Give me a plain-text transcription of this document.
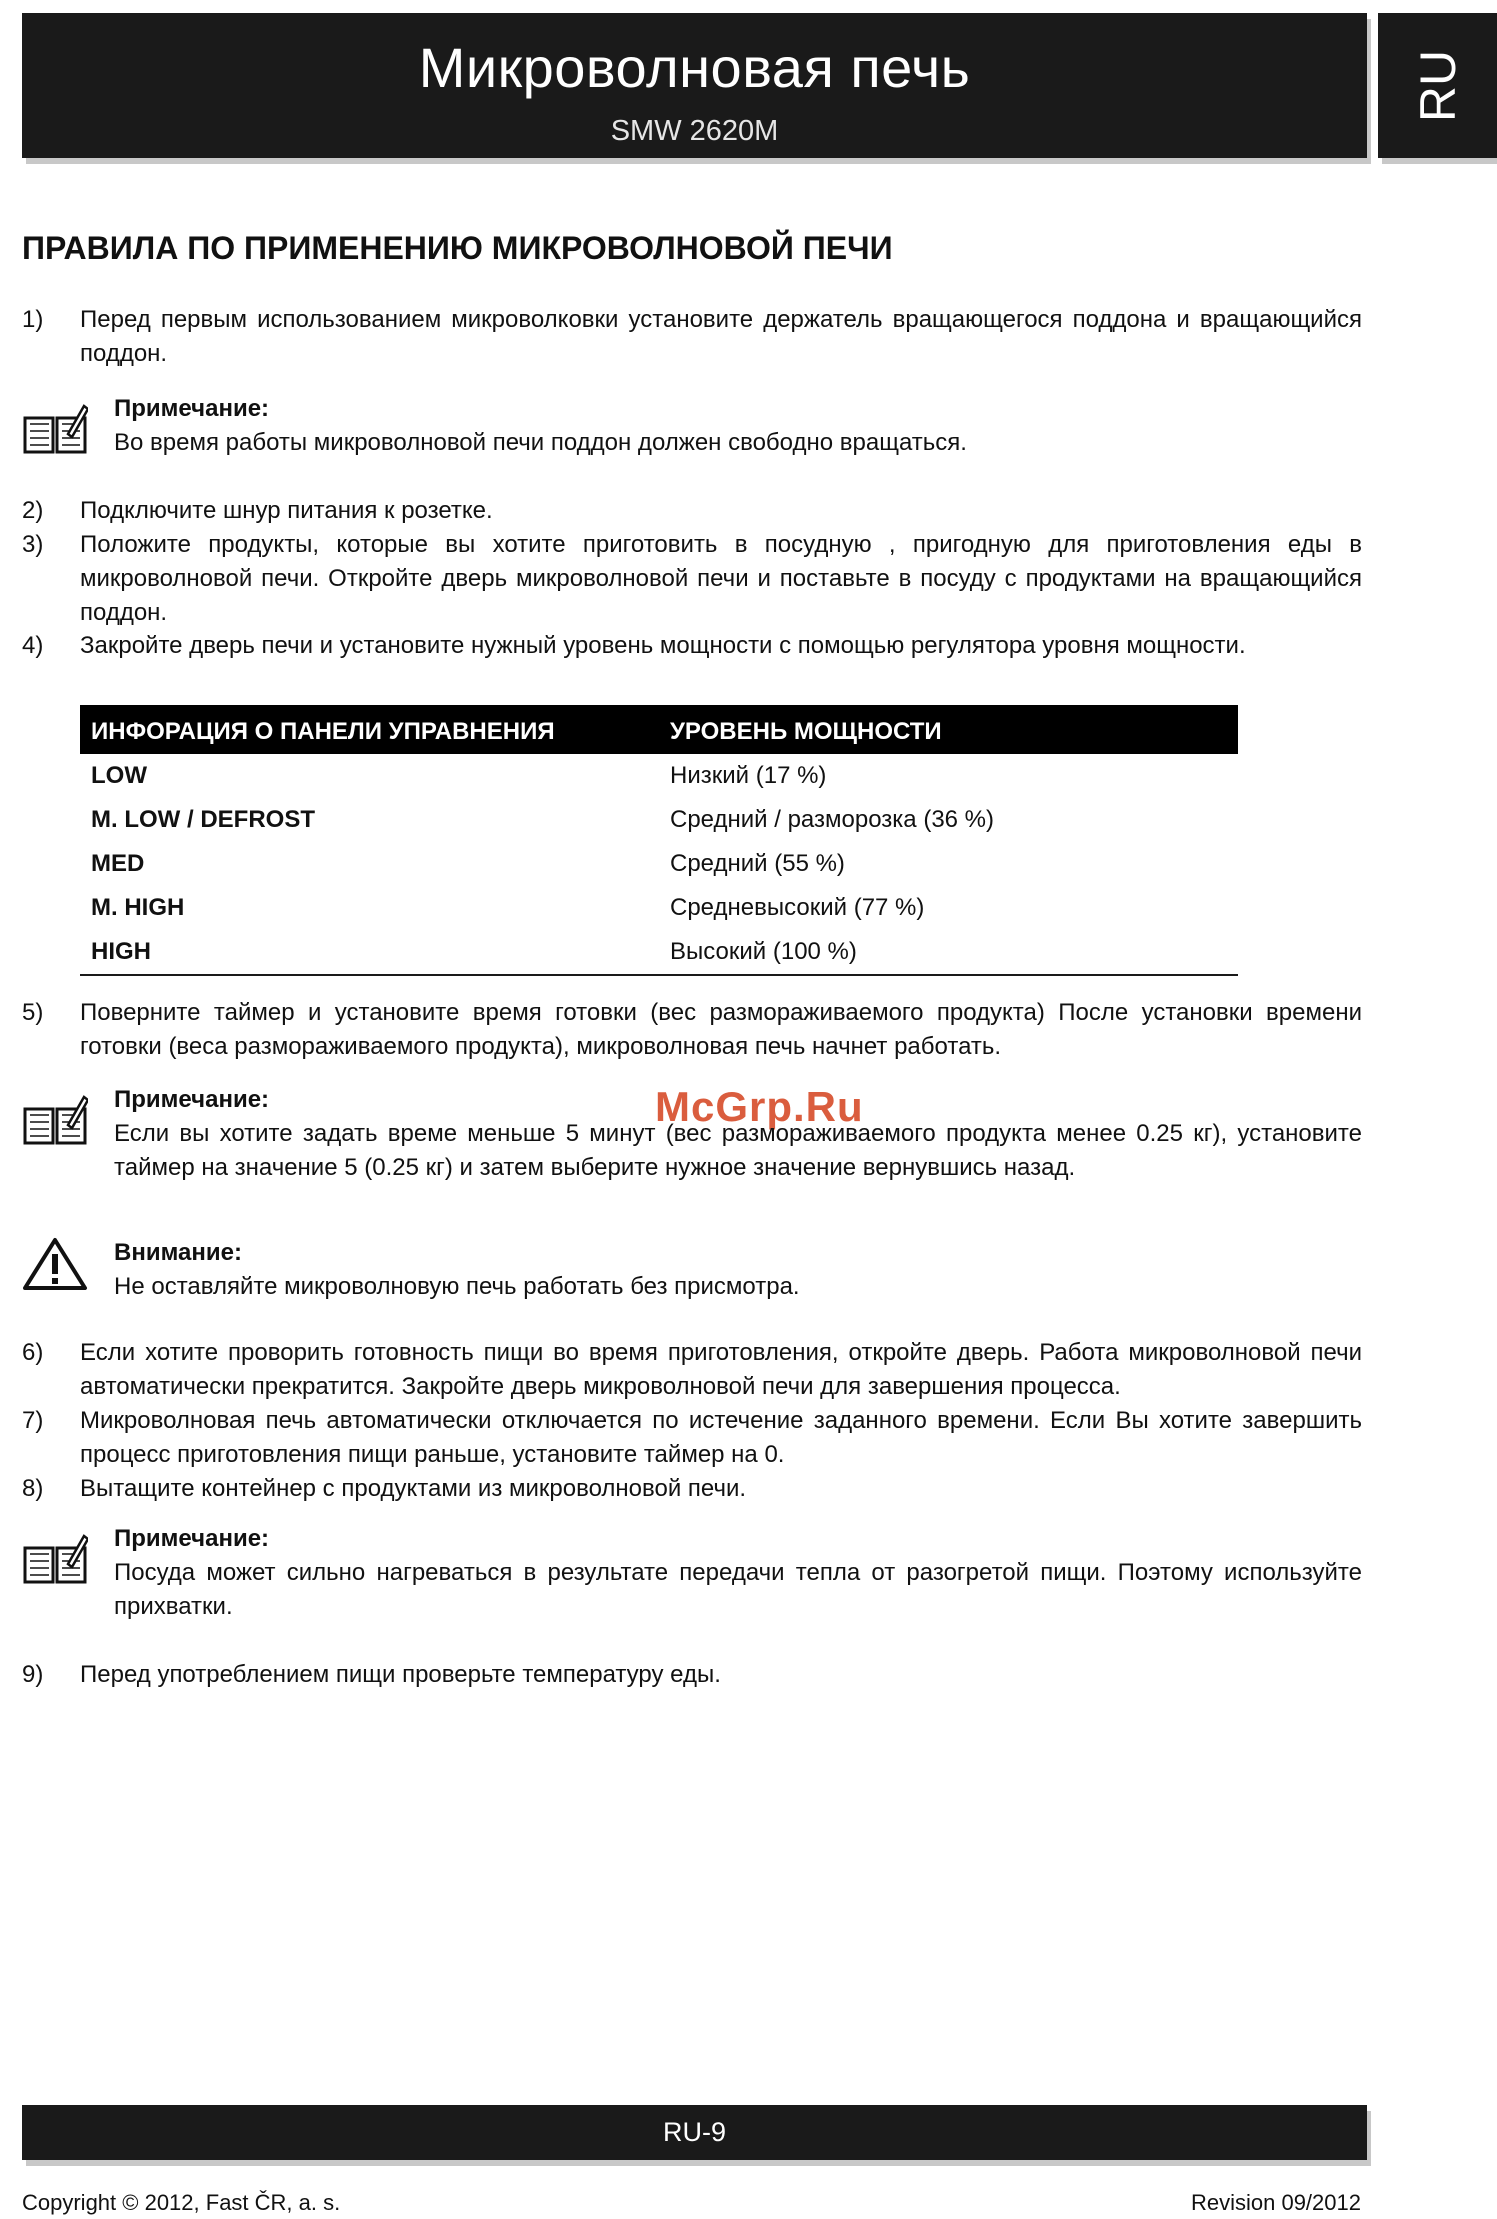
Микроволновая печь
SMW 2620M
RU
ПРАВИЛА ПО ПРИМЕНЕНИЮ МИКРОВОЛНОВОЙ ПЕЧИ
1) Перед первым использованием микроволковки установите держатель вращающегося поддона и вращающийся поддон.
Примечание:
Во время работы микроволновой печи поддон должен свободно вращаться.
2) Подключите шнур питания к розетке.
3) Положите продукты, которые вы хотите приготовить в посудную , пригодную для приготовления еды в микроволновой печи. Откройте дверь микроволновой печи и поставьте в посуду с продуктами на вращающийся поддон.
4) Закройте дверь печи и установите нужный уровень мощности с помощью регулятора уровня мощности.
ИНФОРАЦИЯ О ПАНЕЛИ УПРАВНЕНИЯ	УРОВЕНЬ МОЩНОСТИ
LOW	Низкий (17 %)
M. LOW / DEFROST	Средний / разморозка (36 %)
MED	Средний (55 %)
M. HIGH	Средневысокий (77 %)
HIGH	Высокий (100 %)
5) Поверните таймер и установите время готовки (вес размораживаемого продукта) После установки времени готовки (веса размораживаемого продукта), микроволновая печь начнет работать.
McGrp.Ru
Примечание:
Если вы хотите задать време меньше 5 минут (вес размораживаемого продукта менее 0.25 кг), установите таймер на значение 5 (0.25 кг) и затем выберите нужное значение вернувшись назад.
Внимание:
Не оставляйте микроволновую печь работать без присмотра.
6) Если хотите проворить готовность пищи во время приготовления, откройте дверь. Работа микроволновой печи автоматически прекратится. Закройте дверь микроволновой печи для завершения процесса.
7) Микроволновая печь автоматически отключается по истечение заданного времени. Если Вы хотите завершить процесс приготовления пищи раньше, установите таймер на 0.
8) Вытащите контейнер с продуктами из микроволновой печи.
Примечание:
Посуда может сильно нагреваться в результате передачи тепла от разогретой пищи. Поэтому используйте прихватки.
9) Перед употреблением пищи проверьте температуру еды.
RU-9
Copyright © 2012, Fast ČR, a. s.	Revision 09/2012
